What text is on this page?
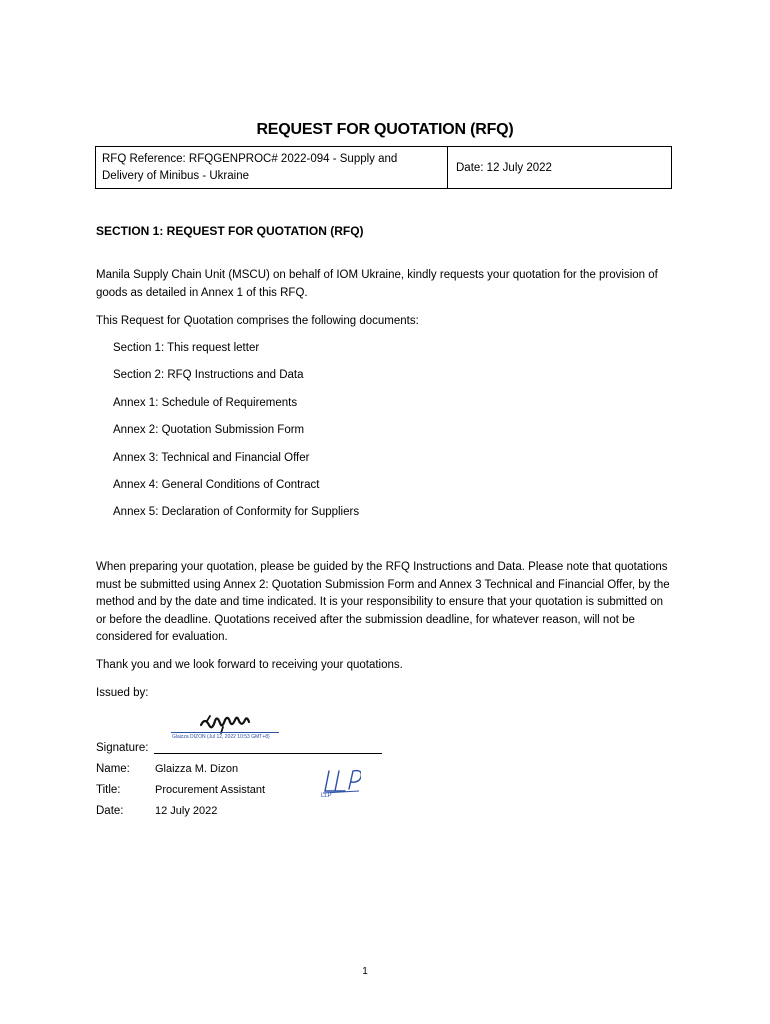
REQUEST FOR QUOTATION (RFQ)
RFQ Reference: RFQGENPROC# 2022-094 - Supply and Delivery of Minibus - Ukraine
Date: 12 July 2022
SECTION 1: REQUEST FOR QUOTATION (RFQ)
Manila Supply Chain Unit (MSCU) on behalf of IOM Ukraine, kindly requests your quotation for the provision of goods as detailed in Annex 1 of this RFQ.
This Request for Quotation comprises the following documents:
Section 1: This request letter
Section 2: RFQ Instructions and Data
Annex 1: Schedule of Requirements
Annex 2: Quotation Submission Form
Annex 3: Technical and Financial Offer
Annex 4: General Conditions of Contract
Annex 5: Declaration of Conformity for Suppliers
When preparing your quotation, please be guided by the RFQ Instructions and Data. Please note that quotations must be submitted using Annex 2: Quotation Submission Form and Annex 3 Technical and Financial Offer, by the method and by the date and time indicated. It is your responsibility to ensure that your quotation is submitted on or before the deadline. Quotations received after the submission deadline, for whatever reason, will not be considered for evaluation.
Thank you and we look forward to receiving your quotations.
Issued by:
Glaizza DIZON (Jul 12, 2022 10:53 GMT+8)
Signature:
Name: Glaizza M. Dizon
Title:	Procurement Assistant
Date:	12 July 2022
LLP
1
